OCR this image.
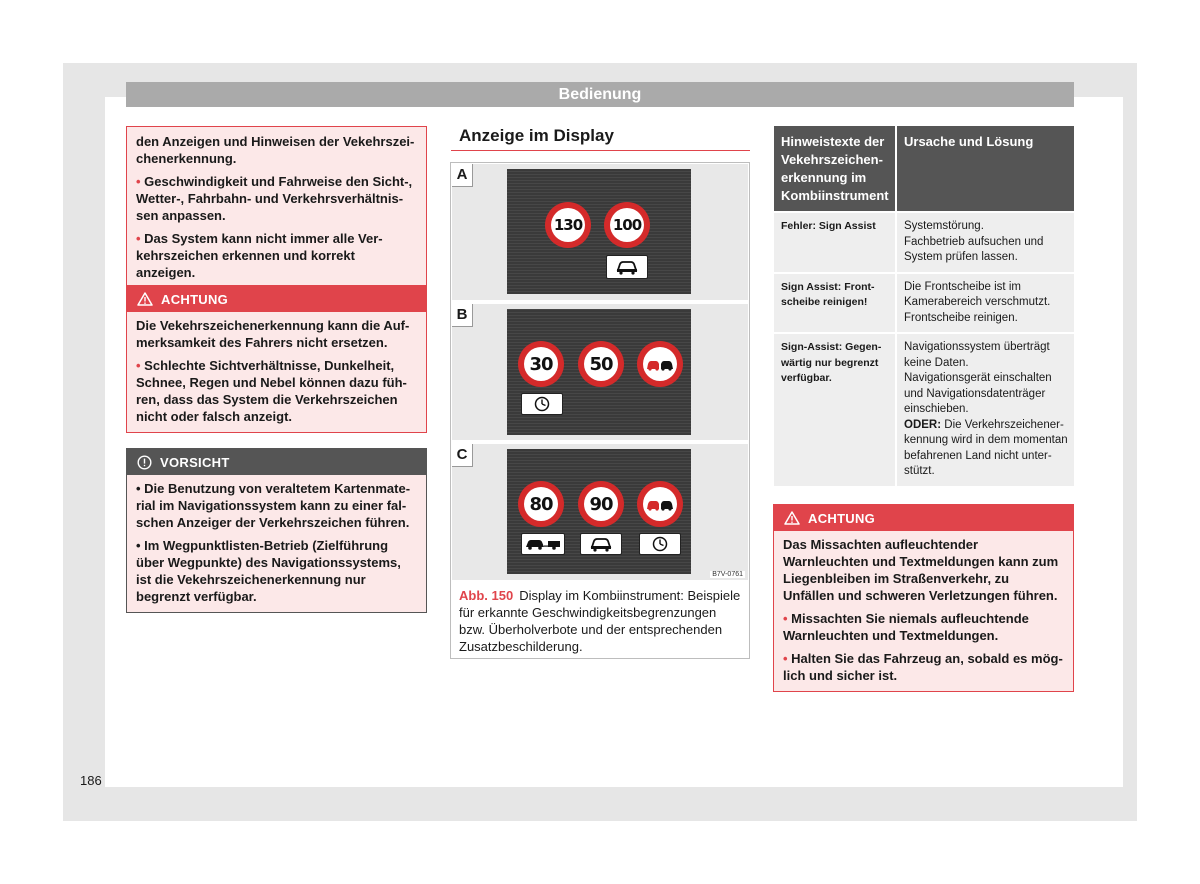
Bedienung

den Anzeigen und Hinweisen der Vekehrszeichenerkennung.

• Geschwindigkeit und Fahrweise den Sicht-, Wetter-, Fahrbahn- und Verkehrsverhältnissen anpassen.

• Das System kann nicht immer alle Verkehrszeichen erkennen und korrekt anzeigen.

ACHTUNG

Die Vekehrszeichenerkennung kann die Aufmerksamkeit des Fahrers nicht ersetzen.

• Schlechte Sichtverhältnisse, Dunkelheit, Schnee, Regen und Nebel können dazu führen, dass das System die Verkehrszeichen nicht oder falsch anzeigt.

VORSICHT

• Die Benutzung von veraltetem Kartenmaterial im Navigationssystem kann zu einer falschen Anzeiger der Verkehrszeichen führen.

• Im Wegpunktlisten-Betrieb (Zielführung über Wegpunkte) des Navigationssystems, ist die Vekehrszeichenerkennung nur begrenzt verfügbar.

Anzeige im Display
A
130 100
B
30	50
C
80	90
B7V-0761
Abb. 150 Display im Kombiinstrument: Beispiele für erkannte Geschwindigkeitsbegrenzungen bzw. Überholverbote und der entsprechenden Zusatzbeschilderung.
Hinweistexte der Vekehrszeichenerkennung im Kombiinstrument	Ursache und Lösung
Fehler: Sign Assist	Systemstörung.
Fachbetrieb aufsuchen und System prüfen lassen.

Sign Assist: Frontscheibe reinigen!	Die Frontscheibe ist im Kamerabereich verschmutzt.
Frontscheibe reinigen.

Sign-Assist: Gegenwärtig nur begrenzt verfügbar.	Navigationssystem überträgt keine Daten.
Navigationsgerät einschalten und Navigationsdatenträger einschieben.
ODER: Die Verkehrszeichenerkennung wird in dem momentan befahrenen Land nicht unterstützt.
ACHTUNG

Das Missachten aufleuchtender Warnleuchten und Textmeldungen kann zum Liegenbleiben im Straßenverkehr, zu Unfällen und schweren Verletzungen führen.

• Missachten Sie niemals aufleuchtende Warnleuchten und Textmeldungen.

• Halten Sie das Fahrzeug an, sobald es möglich und sicher ist.

186
